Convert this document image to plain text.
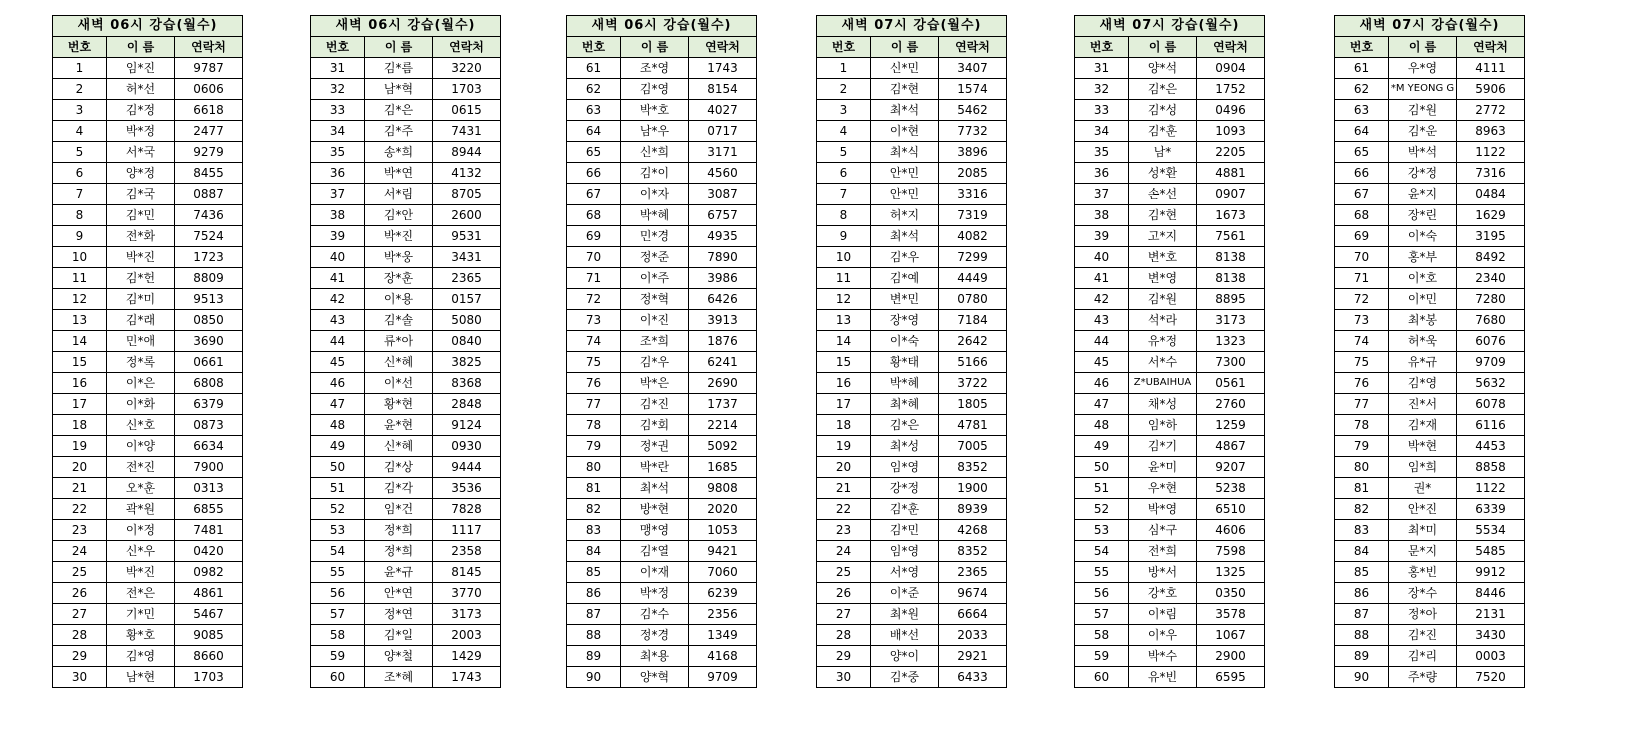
새벽 06시 강습(월수)		
번호	이 름	연락처
1	임*진	9787
2	허*선	0606
3	김*정	6618
4	박*정	2477
5	서*국	9279
6	양*정	8455
7	김*국	0887
8	김*민	7436
9	전*화	7524
10	박*진	1723
11	김*헌	8809
12	김*미	9513
13	김*래	0850
14	민*애	3690
15	정*록	0661
16	이*은	6808
17	이*화	6379
18	신*호	0873
19	이*양	6634
20	전*진	7900
21	오*훈	0313
22	곽*원	6855
23	이*정	7481
24	신*우	0420
25	박*진	0982
26	전*은	4861
27	기*민	5467
28	황*호	9085
29	김*영	8660
30	남*현	1703
새벽 06시 강습(월수)		
번호	이 름	연락처
31	김*름	3220
32	남*혁	1703
33	김*은	0615
34	김*주	7431
35	송*희	8944
36	박*연	4132
37	서*림	8705
38	김*안	2600
39	박*진	9531
40	박*웅	3431
41	장*훈	2365
42	이*용	0157
43	김*솔	5080
44	류*아	0840
45	신*혜	3825
46	이*선	8368
47	황*현	2848
48	윤*현	9124
49	신*혜	0930
50	김*상	9444
51	김*각	3536
52	임*건	7828
53	정*희	1117
54	정*희	2358
55	윤*규	8145
56	안*연	3770
57	정*연	3173
58	김*일	2003
59	양*철	1429
60	조*혜	1743
새벽 06시 강습(월수)		
번호	이 름	연락처
61	조*영	1743
62	김*영	8154
63	박*호	4027
64	남*우	0717
65	신*희	3171
66	김*이	4560
67	이*자	3087
68	박*혜	6757
69	민*경	4935
70	정*준	7890
71	이*주	3986
72	정*혁	6426
73	이*진	3913
74	조*희	1876
75	김*우	6241
76	박*은	2690
77	김*진	1737
78	김*회	2214
79	정*권	5092
80	박*란	1685
81	최*석	9808
82	방*현	2020
83	맹*영	1053
84	김*열	9421
85	이*재	7060
86	박*정	6239
87	김*수	2356
88	정*경	1349
89	최*용	4168
90	양*혁	9709
새벽 07시 강습(월수)		
번호	이 름	연락처
1	신*민	3407
2	김*현	1574
3	최*석	5462
4	이*현	7732
5	최*식	3896
6	안*민	2085
7	안*민	3316
8	허*지	7319
9	최*석	4082
10	김*우	7299
11	김*예	4449
12	변*민	0780
13	장*영	7184
14	이*숙	2642
15	황*태	5166
16	박*혜	3722
17	최*혜	1805
18	김*은	4781
19	최*성	7005
20	임*영	8352
21	강*정	1900
22	김*훈	8939
23	김*민	4268
24	임*영	8352
25	서*영	2365
26	이*준	9674
27	최*원	6664
28	배*선	2033
29	양*이	2921
30	김*중	6433
새벽 07시 강습(월수)		
번호	이 름	연락처
31	양*석	0904
32	김*은	1752
33	김*성	0496
34	김*훈	1093
35	남*	2205
36	성*환	4881
37	손*선	0907
38	김*현	1673
39	고*지	7561
40	변*호	8138
41	변*영	8138
42	김*원	8895
43	석*라	3173
44	유*정	1323
45	서*수	7300
46	Z*UBAIHUA	0561
47	채*성	2760
48	임*하	1259
49	김*기	4867
50	윤*미	9207
51	우*현	5238
52	박*영	6510
53	심*구	4606
54	전*희	7598
55	방*서	1325
56	강*호	0350
57	이*림	3578
58	이*우	1067
59	박*수	2900
60	유*빈	6595
새벽 07시 강습(월수)		
번호	이 름	연락처
61	우*영	4111
62	*M YEONG G	5906
63	김*원	2772
64	김*운	8963
65	박*석	1122
66	강*정	7316
67	윤*지	0484
68	장*린	1629
69	이*숙	3195
70	홍*부	8492
71	이*호	2340
72	이*민	7280
73	최*봉	7680
74	허*욱	6076
75	유*규	9709
76	김*영	5632
77	진*서	6078
78	김*재	6116
79	박*현	4453
80	임*희	8858
81	권*	1122
82	안*진	6339
83	최*미	5534
84	문*지	5485
85	홍*빈	9912
86	장*수	8446
87	정*아	2131
88	김*진	3430
89	김*리	0003
90	주*량	7520
